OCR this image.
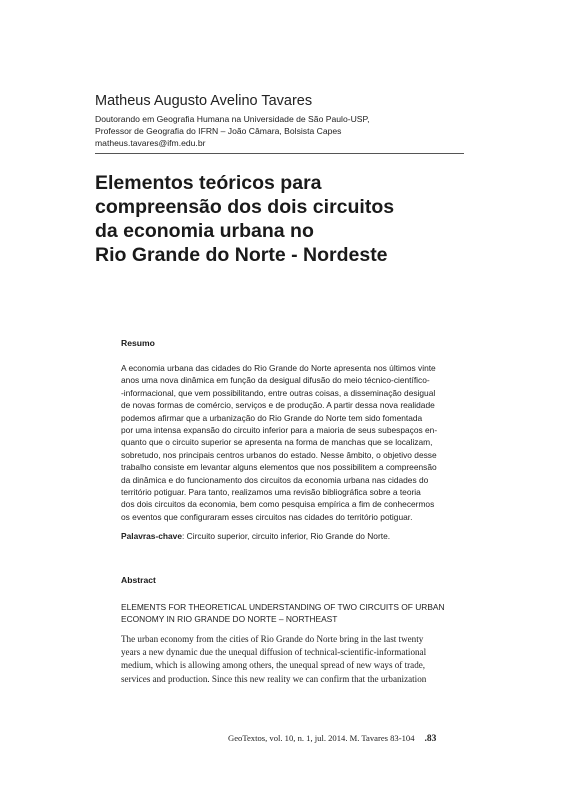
Matheus Augusto Avelino Tavares
Doutorando em Geografia Humana na Universidade de São Paulo-USP,
Professor de Geografia do IFRN – João Câmara, Bolsista Capes
matheus.tavares@ifm.edu.br
Elementos teóricos para
compreensão dos dois circuitos
da economia urbana no
Rio Grande do Norte - Nordeste
Resumo
A economia urbana das cidades do Rio Grande do Norte apresenta nos últimos vinte
anos uma nova dinâmica em função da desigual difusão do meio técnico-científico-
-informacional, que vem possibilitando, entre outras coisas, a disseminação desigual
de novas formas de comércio, serviços e de produção. A partir dessa nova realidade
podemos afirmar que a urbanização do Rio Grande do Norte tem sido fomentada
por uma intensa expansão do circuito inferior para a maioria de seus subespaços en-
quanto que o circuito superior se apresenta na forma de manchas que se localizam,
sobretudo, nos principais centros urbanos do estado. Nesse âmbito, o objetivo desse
trabalho consiste em levantar alguns elementos que nos possibilitem a compreensão
da dinâmica e do funcionamento dos circuitos da economia urbana nas cidades do
território potiguar. Para tanto, realizamos uma revisão bibliográfica sobre a teoria
dos dois circuitos da economia, bem como pesquisa empírica a fim de conhecermos
os eventos que configuraram esses circuitos nas cidades do território potiguar.
Palavras-chave: Circuito superior, circuito inferior, Rio Grande do Norte.
Abstract
ELEMENTS FOR THEORETICAL UNDERSTANDING OF TWO CIRCUITS OF URBAN
ECONOMY IN RIO GRANDE DO NORTE – NORTHEAST
The urban economy from the cities of Rio Grande do Norte bring in the last twenty
years a new dynamic due the unequal diffusion of technical-scientific-informational
medium, which is allowing among others, the unequal spread of new ways of trade,
services and production. Since this new reality we can confirm that the urbanization
GeoTextos, vol. 10, n. 1, jul. 2014. M. Tavares 83-104 .83
